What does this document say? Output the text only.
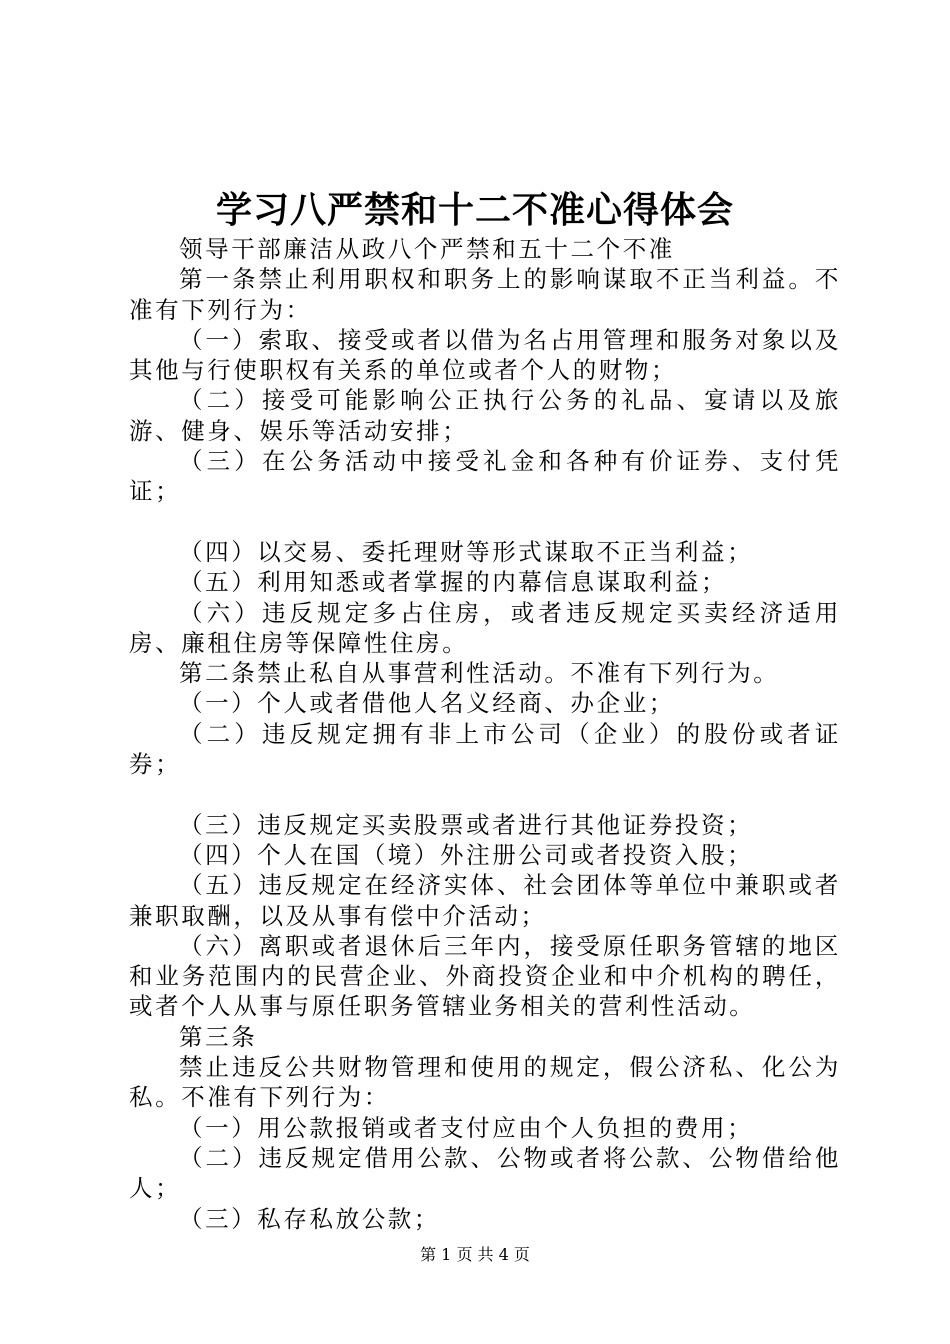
学习八严禁和十二不准心得体会

领导干部廉洁从政八个严禁和五十二个不准

第一条禁止利用职权和职务上的影响谋取不正当利益。不准有下列行为：

（一）索取、接受或者以借为名占用管理和服务对象以及其他与行使职权有关系的单位或者个人的财物；

（二）接受可能影响公正执行公务的礼品、宴请以及旅游、健身、娱乐等活动安排；

（三）在公务活动中接受礼金和各种有价证券、支付凭证；

（四）以交易、委托理财等形式谋取不正当利益；

（五）利用知悉或者掌握的内幕信息谋取利益；

（六）违反规定多占住房，或者违反规定买卖经济适用房、廉租住房等保障性住房。

第二条禁止私自从事营利性活动。不准有下列行为。

（一）个人或者借他人名义经商、办企业；

（二）违反规定拥有非上市公司（企业）的股份或者证券；

（三）违反规定买卖股票或者进行其他证券投资；

（四）个人在国（境）外注册公司或者投资入股；

（五）违反规定在经济实体、社会团体等单位中兼职或者兼职取酬，以及从事有偿中介活动；

（六）离职或者退休后三年内，接受原任职务管辖的地区和业务范围内的民营企业、外商投资企业和中介机构的聘任，或者个人从事与原任职务管辖业务相关的营利性活动。

第三条

禁止违反公共财物管理和使用的规定，假公济私、化公为私。不准有下列行为：

（一）用公款报销或者支付应由个人负担的费用；

（二）违反规定借用公款、公物或者将公款、公物借给他人；

（三）私存私放公款；

第 1 页 共 4 页
